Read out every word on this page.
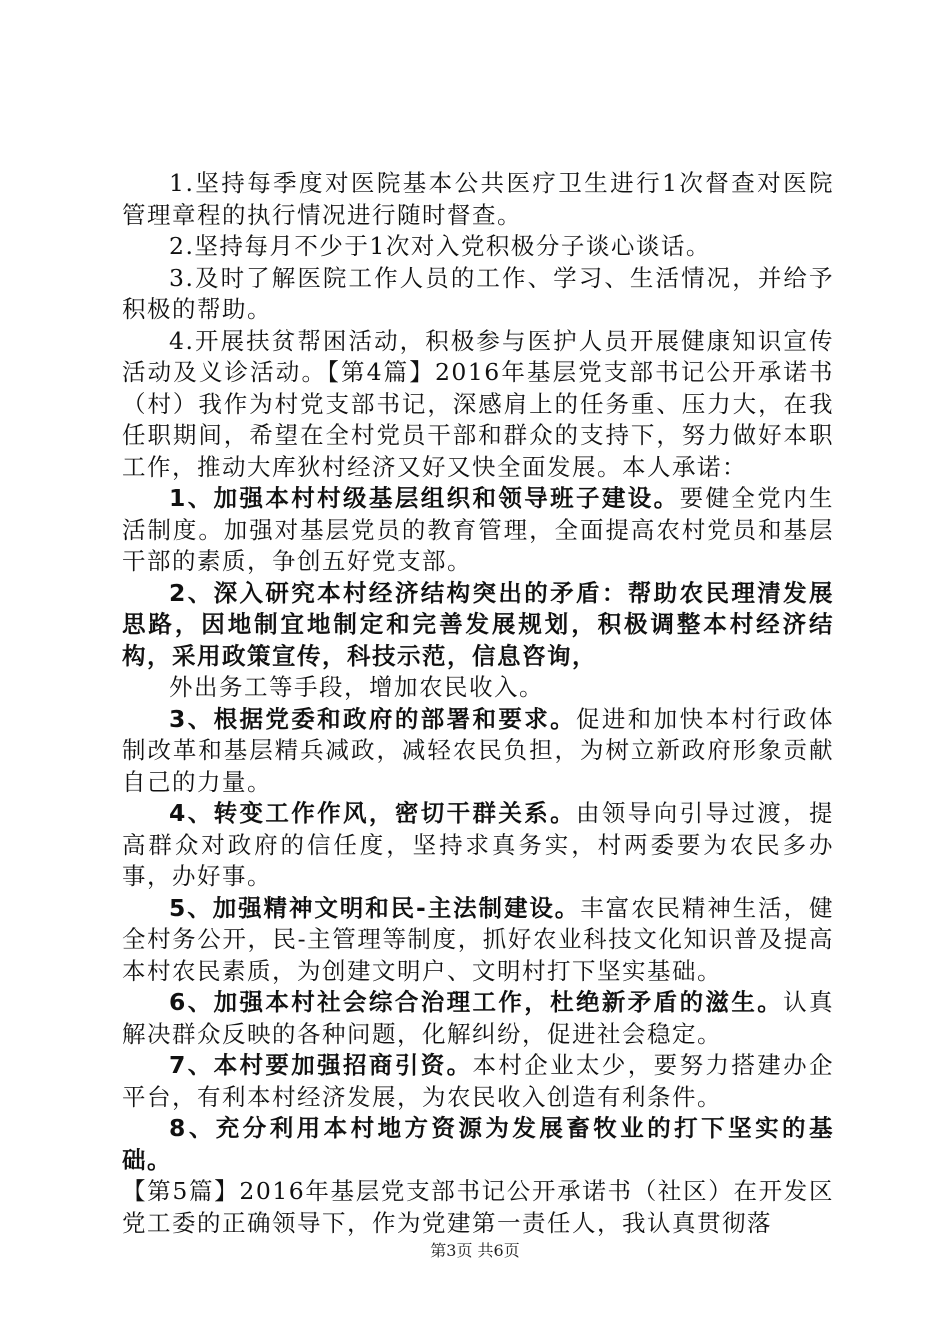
1.坚持每季度对医院基本公共医疗卫生进行1次督查对医院管理章程的执行情况进行随时督查。

2.坚持每月不少于1次对入党积极分子谈心谈话。

3.及时了解医院工作人员的工作、学习、生活情况，并给予积极的帮助。

4.开展扶贫帮困活动，积极参与医护人员开展健康知识宣传活动及义诊活动。【第4篇】2016年基层党支部书记公开承诺书（村）我作为村党支部书记，深感肩上的任务重、压力大，在我任职期间，希望在全村党员干部和群众的支持下，努力做好本职工作，推动大库狄村经济又好又快全面发展。本人承诺：

1、加强本村村级基层组织和领导班子建设。要健全党内生活制度。加强对基层党员的教育管理，全面提高农村党员和基层干部的素质，争创五好党支部。

2、深入研究本村经济结构突出的矛盾：帮助农民理清发展思路，因地制宜地制定和完善发展规划，积极调整本村经济结构，采用政策宣传，科技示范，信息咨询，

外出务工等手段，增加农民收入。

3、根据党委和政府的部署和要求。促进和加快本村行政体制改革和基层精兵减政，减轻农民负担，为树立新政府形象贡献自己的力量。

4、转变工作作风，密切干群关系。由领导向引导过渡，提高群众对政府的信任度，坚持求真务实，村两委要为农民多办事，办好事。

5、加强精神文明和民-主法制建设。丰富农民精神生活，健全村务公开，民-主管理等制度，抓好农业科技文化知识普及提高本村农民素质，为创建文明户、文明村打下坚实基础。

6、加强本村社会综合治理工作，杜绝新矛盾的滋生。认真解决群众反映的各种问题，化解纠纷，促进社会稳定。

7、本村要加强招商引资。本村企业太少，要努力搭建办企平台，有利本村经济发展，为农民收入创造有利条件。

8、充分利用本村地方资源为发展畜牧业的打下坚实的基础。

【第5篇】2016年基层党支部书记公开承诺书（社区）在开发区党工委的正确领导下，作为党建第一责任人，我认真贯彻落

第3页 共6页
